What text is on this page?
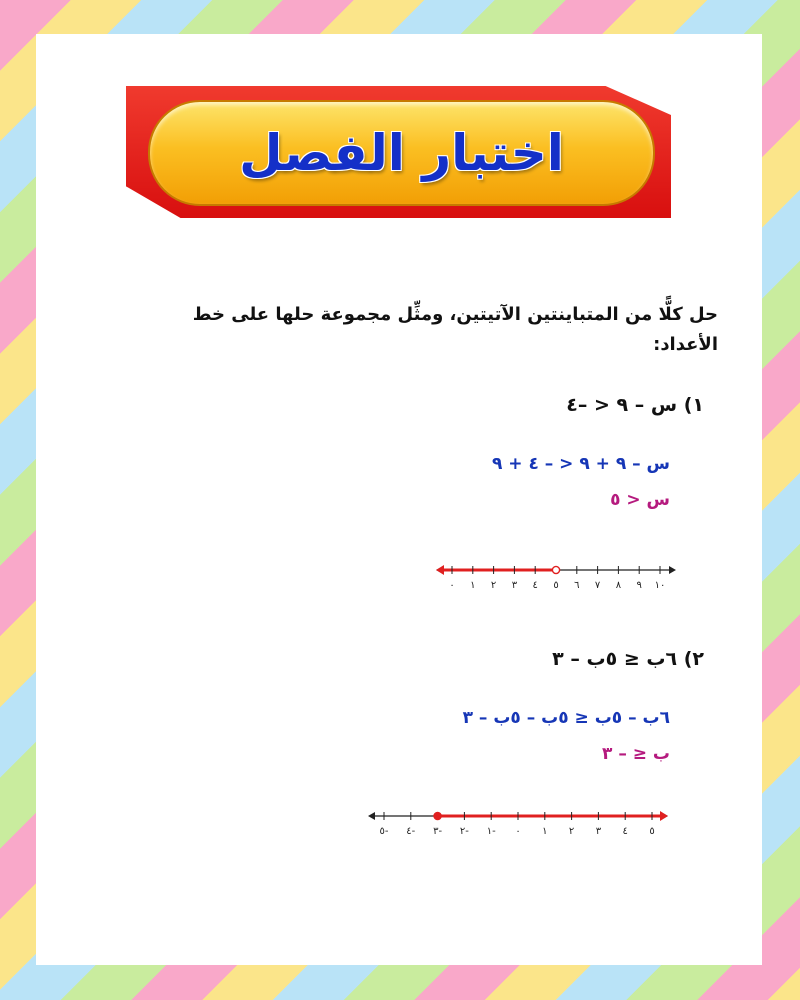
اختبار الفصل
حل كلًّا من المتباينتين الآتيتين، ومثِّل مجموعة حلها على خط الأعداد:
١) س – ٩ < –٤
س – ٩ + ٩ < – ٤ + ٩
س < ٥
٠ ١ ٢ ٣ ٤ ٥ ٦ ٧ ٨ ٩ ١٠
٢) ٦ب ≤ ٥ب – ٣
٦ب – ٥ب ≤ ٥ب – ٥ب – ٣
ب ≤ – ٣
٥- ٤- ٣- ٢- ١- ٠ ١ ٢ ٣ ٤ ٥
